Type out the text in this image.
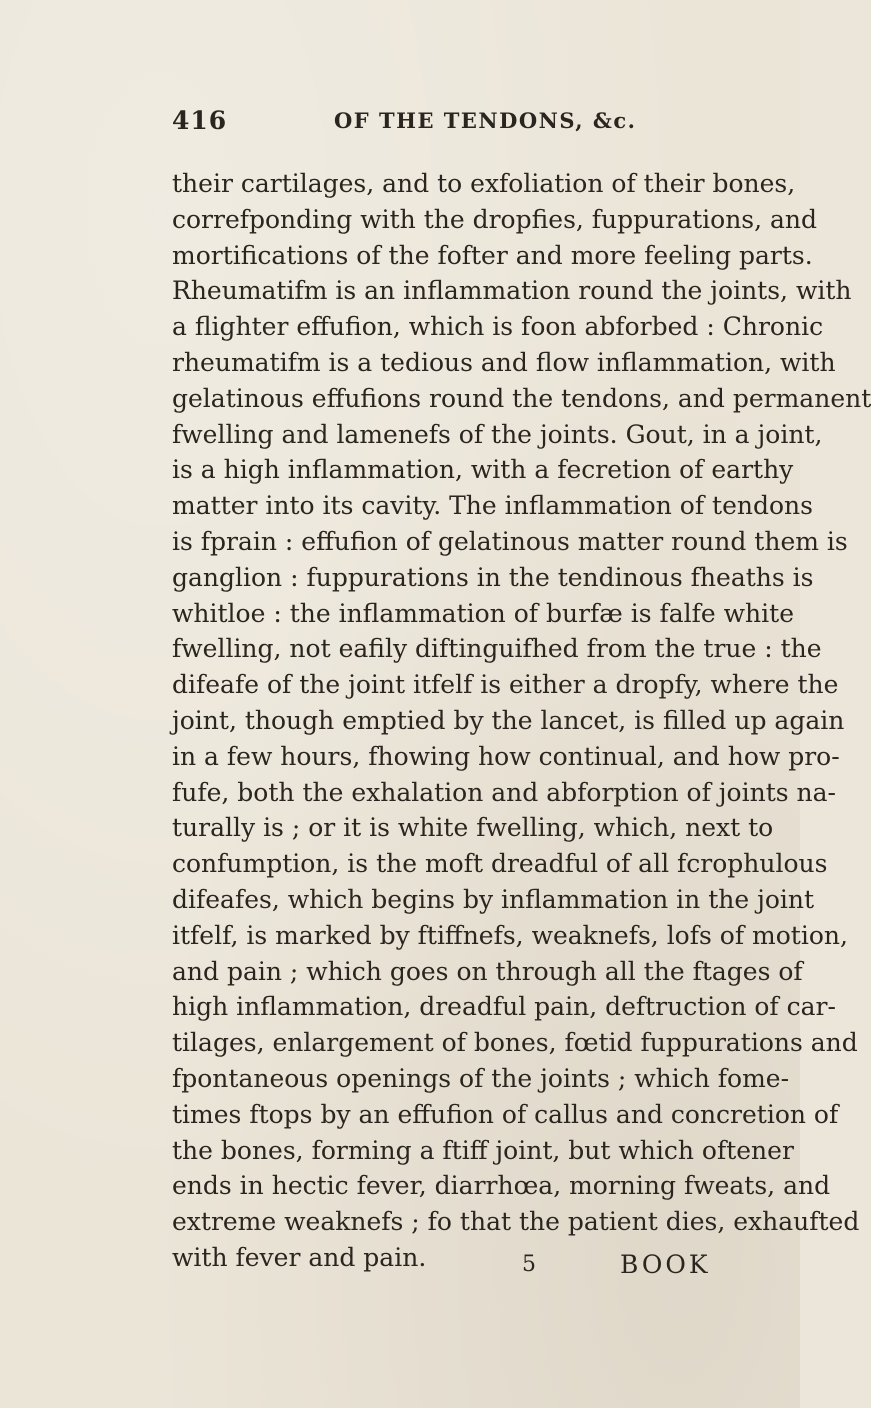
416	OF THE TENDONS, &c.
their cartilages, and to exfoliation of their bones,
correfponding with the dropfies, fuppurations, and
mortifications of the fofter and more feeling parts.
Rheumatifm is an inflammation round the joints, with
a flighter effufion, which is foon abforbed : Chronic
rheumatifm is a tedious and flow inflammation, with
gelatinous effufions round the tendons, and permanent
fwelling and lamenefs of the joints. Gout, in a joint,
is a high inflammation, with a fecretion of earthy
matter into its cavity. The inflammation of tendons
is fprain : effufion of gelatinous matter round them is
ganglion : fuppurations in the tendinous fheaths is
whitloe : the inflammation of burfæ is falfe white
fwelling, not eafily diftinguifhed from the true : the
difeafe of the joint itfelf is either a dropfy, where the
joint, though emptied by the lancet, is filled up again
in a few hours, fhowing how continual, and how pro-
fufe, both the exhalation and abforption of joints na-
turally is ; or it is white fwelling, which, next to
confumption, is the moft dreadful of all fcrophulous
difeafes, which begins by inflammation in the joint
itfelf, is marked by ftiffnefs, weaknefs, lofs of motion,
and pain ; which goes on through all the ftages of
high inflammation, dreadful pain, deftruction of car-
tilages, enlargement of bones, fœtid fuppurations and
fpontaneous openings of the joints ; which fome-
times ftops by an effufion of callus and concretion of
the bones, forming a ftiff joint, but which oftener
ends in hectic fever, diarrhœa, morning fweats, and
extreme weaknefs ; fo that the patient dies, exhaufted
with fever and pain.	5	BOOK
